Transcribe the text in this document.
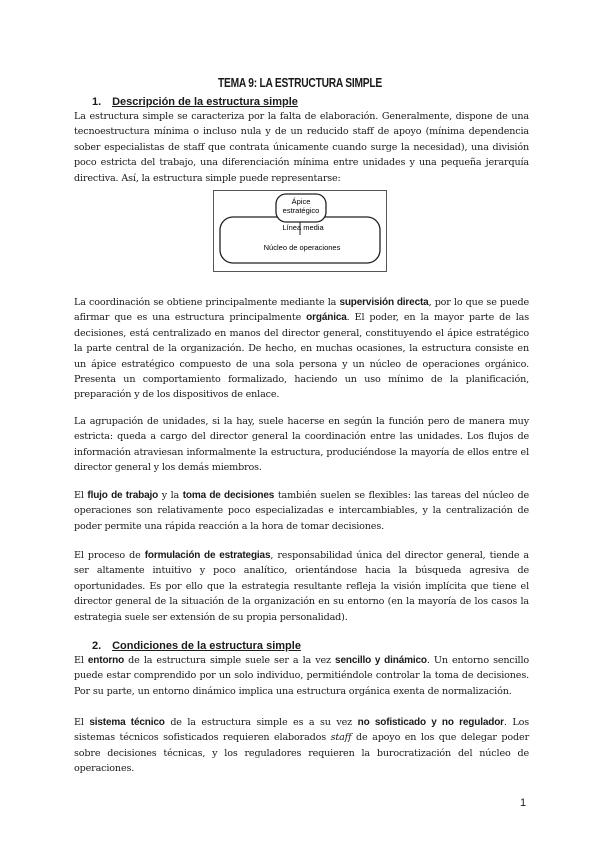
TEMA 9: LA ESTRUCTURA SIMPLE
1. Descripción de la estructura simple

La estructura simple se caracteriza por la falta de elaboración. Generalmente, dispone de una tecnoestructura mínima o incluso nula y de un reducido staff de apoyo (mínima dependencia sober especialistas de staff que contrata únicamente cuando surge la necesidad), una división poco estricta del trabajo, una diferenciación mínima entre unidades y una pequeña jerarquía directiva. Así, la estructura simple puede representarse:

Ápice
estratégico
Línea media
Núcleo de operaciones

La coordinación se obtiene principalmente mediante la supervisión directa, por lo que se puede afirmar que es una estructura principalmente orgánica. El poder, en la mayor parte de las decisiones, está centralizado en manos del director general, constituyendo el ápice estratégico la parte central de la organización. De hecho, en muchas ocasiones, la estructura consiste en un ápice estratégico compuesto de una sola persona y un núcleo de operaciones orgánico. Presenta un comportamiento formalizado, haciendo un uso mínimo de la planificación, preparación y de los dispositivos de enlace.

La agrupación de unidades, si la hay, suele hacerse en según la función pero de manera muy estricta: queda a cargo del director general la coordinación entre las unidades. Los flujos de información atraviesan informalmente la estructura, produciéndose la mayoría de ellos entre el director general y los demás miembros.

El flujo de trabajo y la toma de decisiones también suelen se flexibles: las tareas del núcleo de operaciones son relativamente poco especializadas e intercambiables, y la centralización de poder permite una rápida reacción a la hora de tomar decisiones.

El proceso de formulación de estrategias, responsabilidad única del director general, tiende a ser altamente intuitivo y poco analítico, orientándose hacia la búsqueda agresiva de oportunidades. Es por ello que la estrategia resultante refleja la visión implícita que tiene el director general de la situación de la organización en su entorno (en la mayoría de los casos la estrategia suele ser extensión de su propia personalidad).

2. Condiciones de la estructura simple

El entorno de la estructura simple suele ser a la vez sencillo y dinámico. Un entorno sencillo puede estar comprendido por un solo individuo, permitiéndole controlar la toma de decisiones. Por su parte, un entorno dinámico implica una estructura orgánica exenta de normalización.

El sistema técnico de la estructura simple es a su vez no sofisticado y no regulador. Los sistemas técnicos sofisticados requieren elaborados staff de apoyo en los que delegar poder sobre decisiones técnicas, y los reguladores requieren la burocratización del núcleo de operaciones.

1
